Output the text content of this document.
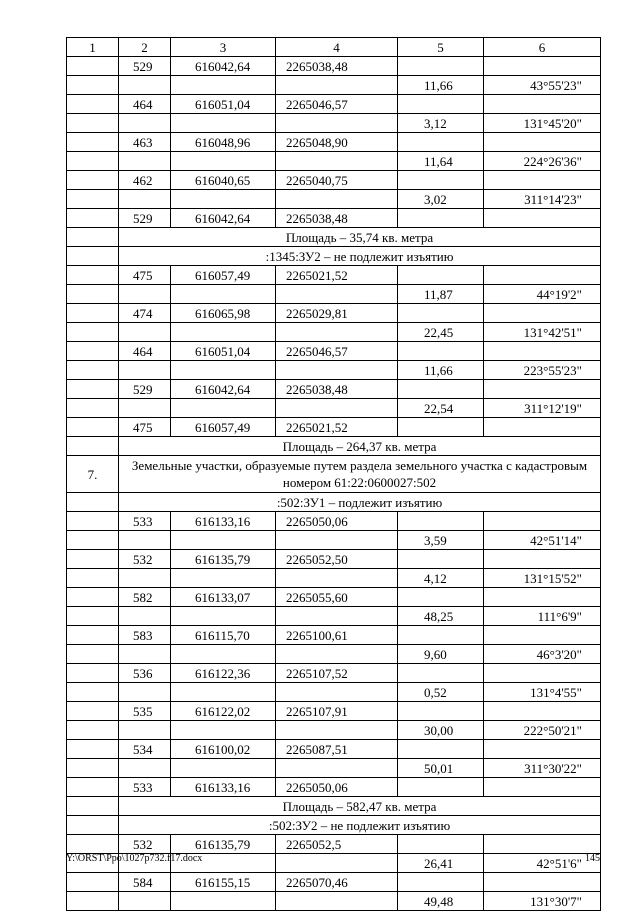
1	2	3	4	5	6
	529	616042,64	2265038,48		
				11,66	43°55'23"
	464	616051,04	2265046,57		
				3,12	131°45'20"
	463	616048,96	2265048,90		
				11,64	224°26'36"
	462	616040,65	2265040,75		
				3,02	311°14'23"
	529	616042,64	2265038,48		
	Площадь – 35,74 кв. метра				
	:1345:ЗУ2 – не подлежит изъятию				
	475	616057,49	2265021,52		
				11,87	44°19'2"
	474	616065,98	2265029,81		
				22,45	131°42'51"
	464	616051,04	2265046,57		
				11,66	223°55'23"
	529	616042,64	2265038,48		
				22,54	311°12'19"
	475	616057,49	2265021,52		
	Площадь – 264,37 кв. метра				
7.	Земельные участки, образуемые путем раздела земельного участка с кадастровым номером 61:22:0600027:502				
	:502:ЗУ1 – подлежит изъятию				
	533	616133,16	2265050,06		
				3,59	42°51'14"
	532	616135,79	2265052,50		
				4,12	131°15'52"
	582	616133,07	2265055,60		
				48,25	111°6'9"
	583	616115,70	2265100,61		
				9,60	46°3'20"
	536	616122,36	2265107,52		
				0,52	131°4'55"
	535	616122,02	2265107,91		
				30,00	222°50'21"
	534	616100,02	2265087,51		
				50,01	311°30'22"
	533	616133,16	2265050,06		
	Площадь – 582,47 кв. метра				
	:502:ЗУ2 – не подлежит изъятию				
	532	616135,79	2265052,5		
				26,41	42°51'6"
	584	616155,15	2265070,46		
				49,48	131°30'7"
Y:\ORST\Ppo\1027p732.f17.docx	145
